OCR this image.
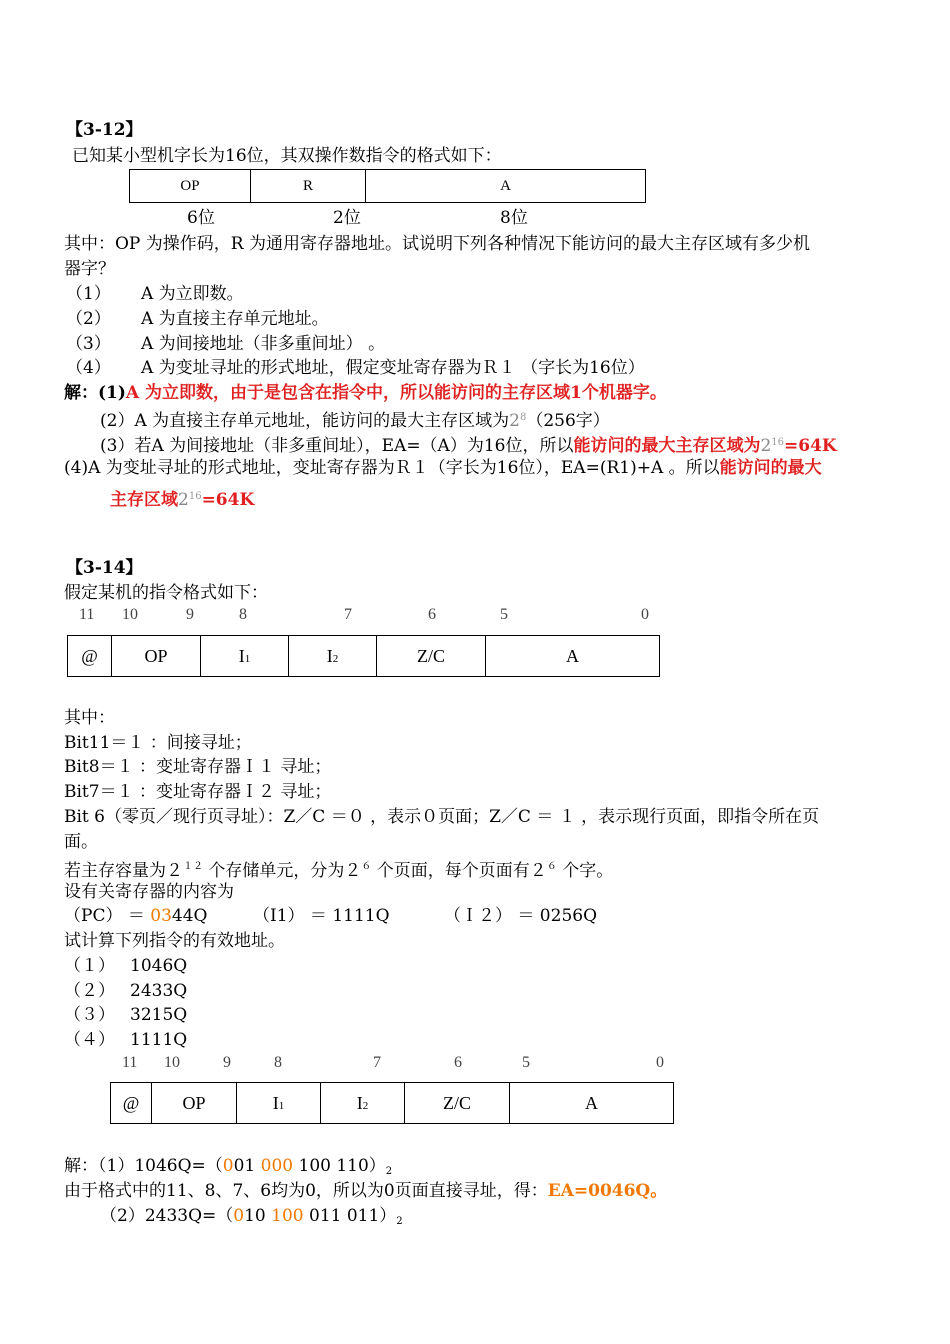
【3-12】
已知某小型机字长为16位，其双操作数指令的格式如下：
OP	R	A
6位	2位	8位
其中：OP 为操作码，R 为通用寄存器地址。试说明下列各种情况下能访问的最大主存区域有多少机
器字？
（1） A 为立即数。
（2） A 为直接主存单元地址。
（3） A 为间接地址（非多重间址） 。
（4） A 为变址寻址的形式地址，假定变址寄存器为Ｒ１ （字长为16位）
解：(1)A 为立即数，由于是包含在指令中，所以能访问的主存区域1个机器字。
(2）A 为直接主存单元地址，能访问的最大主存区域为$2^8(256$字）
(3）若A 为间接地址（非多重间址），EA=（A）为16位，所以能访问的最大主存区域为$2^{16}=64K$
(4)A 为变址寻址的形式地址，变址寄存器为Ｒ１（字长为16位），EA=(R1)+A 。所以能访问的最大
主存区域$2^{16}=64K$
【3-14】
假定某机的指令格式如下：
11 10	9	8	7	6	5	0
@	OP	I1	I2	Z/C	A
其中：
Bit11＝１ ：间接寻址；
Bit8＝１ ：变址寄存器Ｉ１ 寻址；
Bit7＝１ ：变址寄存器Ｉ２ 寻址；
Bit 6（零页／现行页寻址）：Z／C ＝０ ，表示０页面；Z／C ＝ １ ，表示现行页面，即指令所在页
面。
若主存容量为$2^{12}$ 个存储单元，分为$2^6$ 个页面，每个页面有$2^6$ 个字。
设有关寄存器的内容为
（PC） ＝ 0344Q	（I1） ＝ 1111Q	（Ｉ２） ＝ 0256Q
试计算下列指令的有效地址。
（１） 1046Q
（２） 2433Q
（３） 3215Q
（４） 1111Q
11 10	9	8	7	6	5	0
@	OP	I1	I2	Z/C	A
解：（1）1046Q=（001 000 100 $110)_2$
由于格式中的11、8、7、6均为0，所以为0页面直接寻址，得：EA=0046Q。
（2）2433Q=（010 100 011 $011)_2$
